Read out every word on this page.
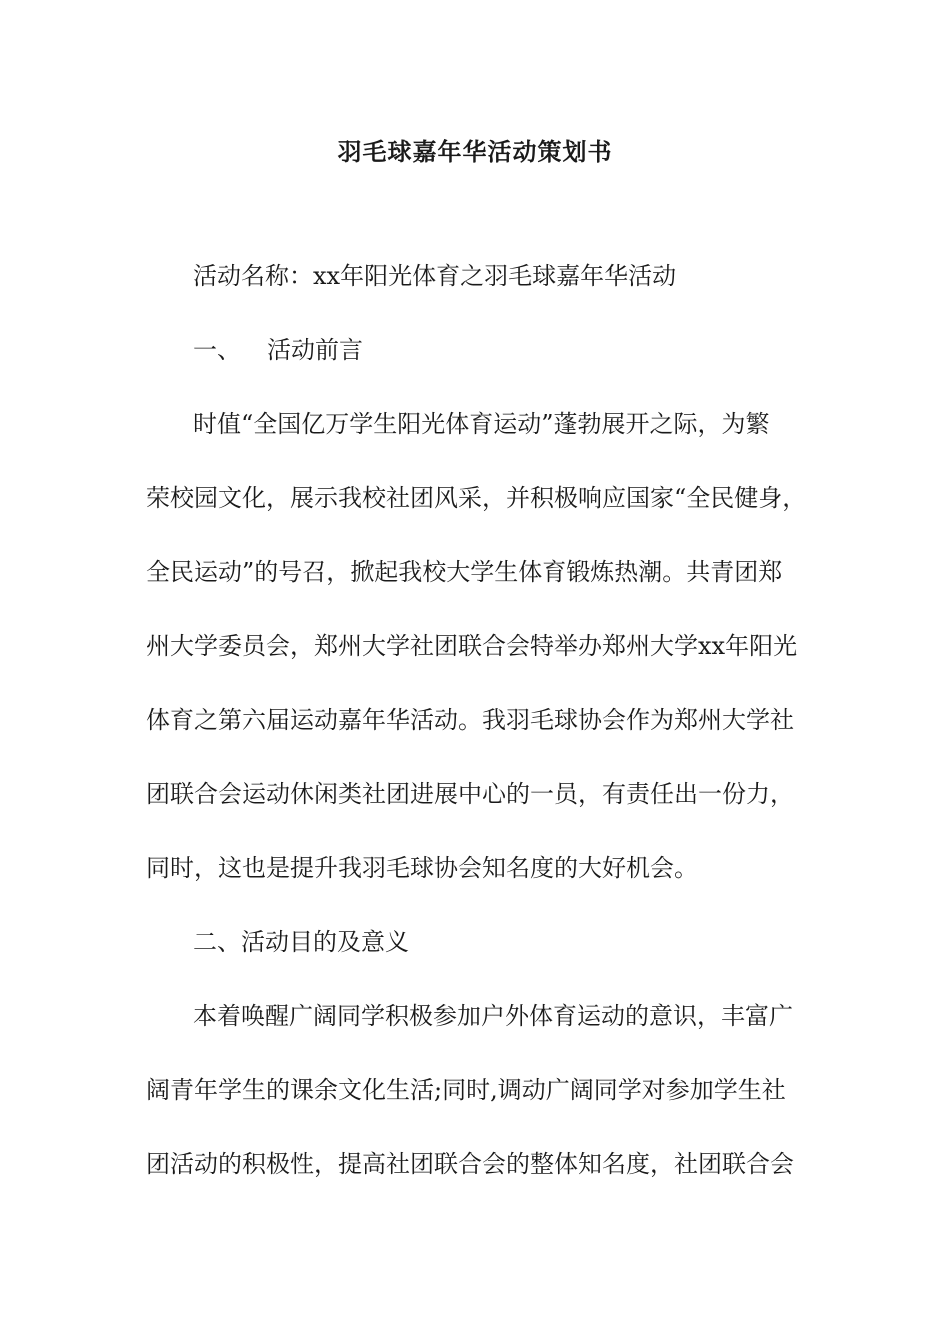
羽毛球嘉年华活动策划书
活动名称：xx年阳光体育之羽毛球嘉年华活动
一、 活动前言
时值“全国亿万学生阳光体育运动”蓬勃展开之际，为繁
荣校园文化，展示我校社团风采，并积极响应国家“全民健身，
全民运动”的号召，掀起我校大学生体育锻炼热潮。共青团郑
州大学委员会，郑州大学社团联合会特举办郑州大学xx年阳光
体育之第六届运动嘉年华活动。我羽毛球协会作为郑州大学社
团联合会运动休闲类社团进展中心的一员，有责任出一份力，
同时，这也是提升我羽毛球协会知名度的大好机会。
二、活动目的及意义
本着唤醒广阔同学积极参加户外体育运动的意识，丰富广
阔青年学生的课余文化生活;同时,调动广阔同学对参加学生社
团活动的积极性，提高社团联合会的整体知名度，社团联合会
